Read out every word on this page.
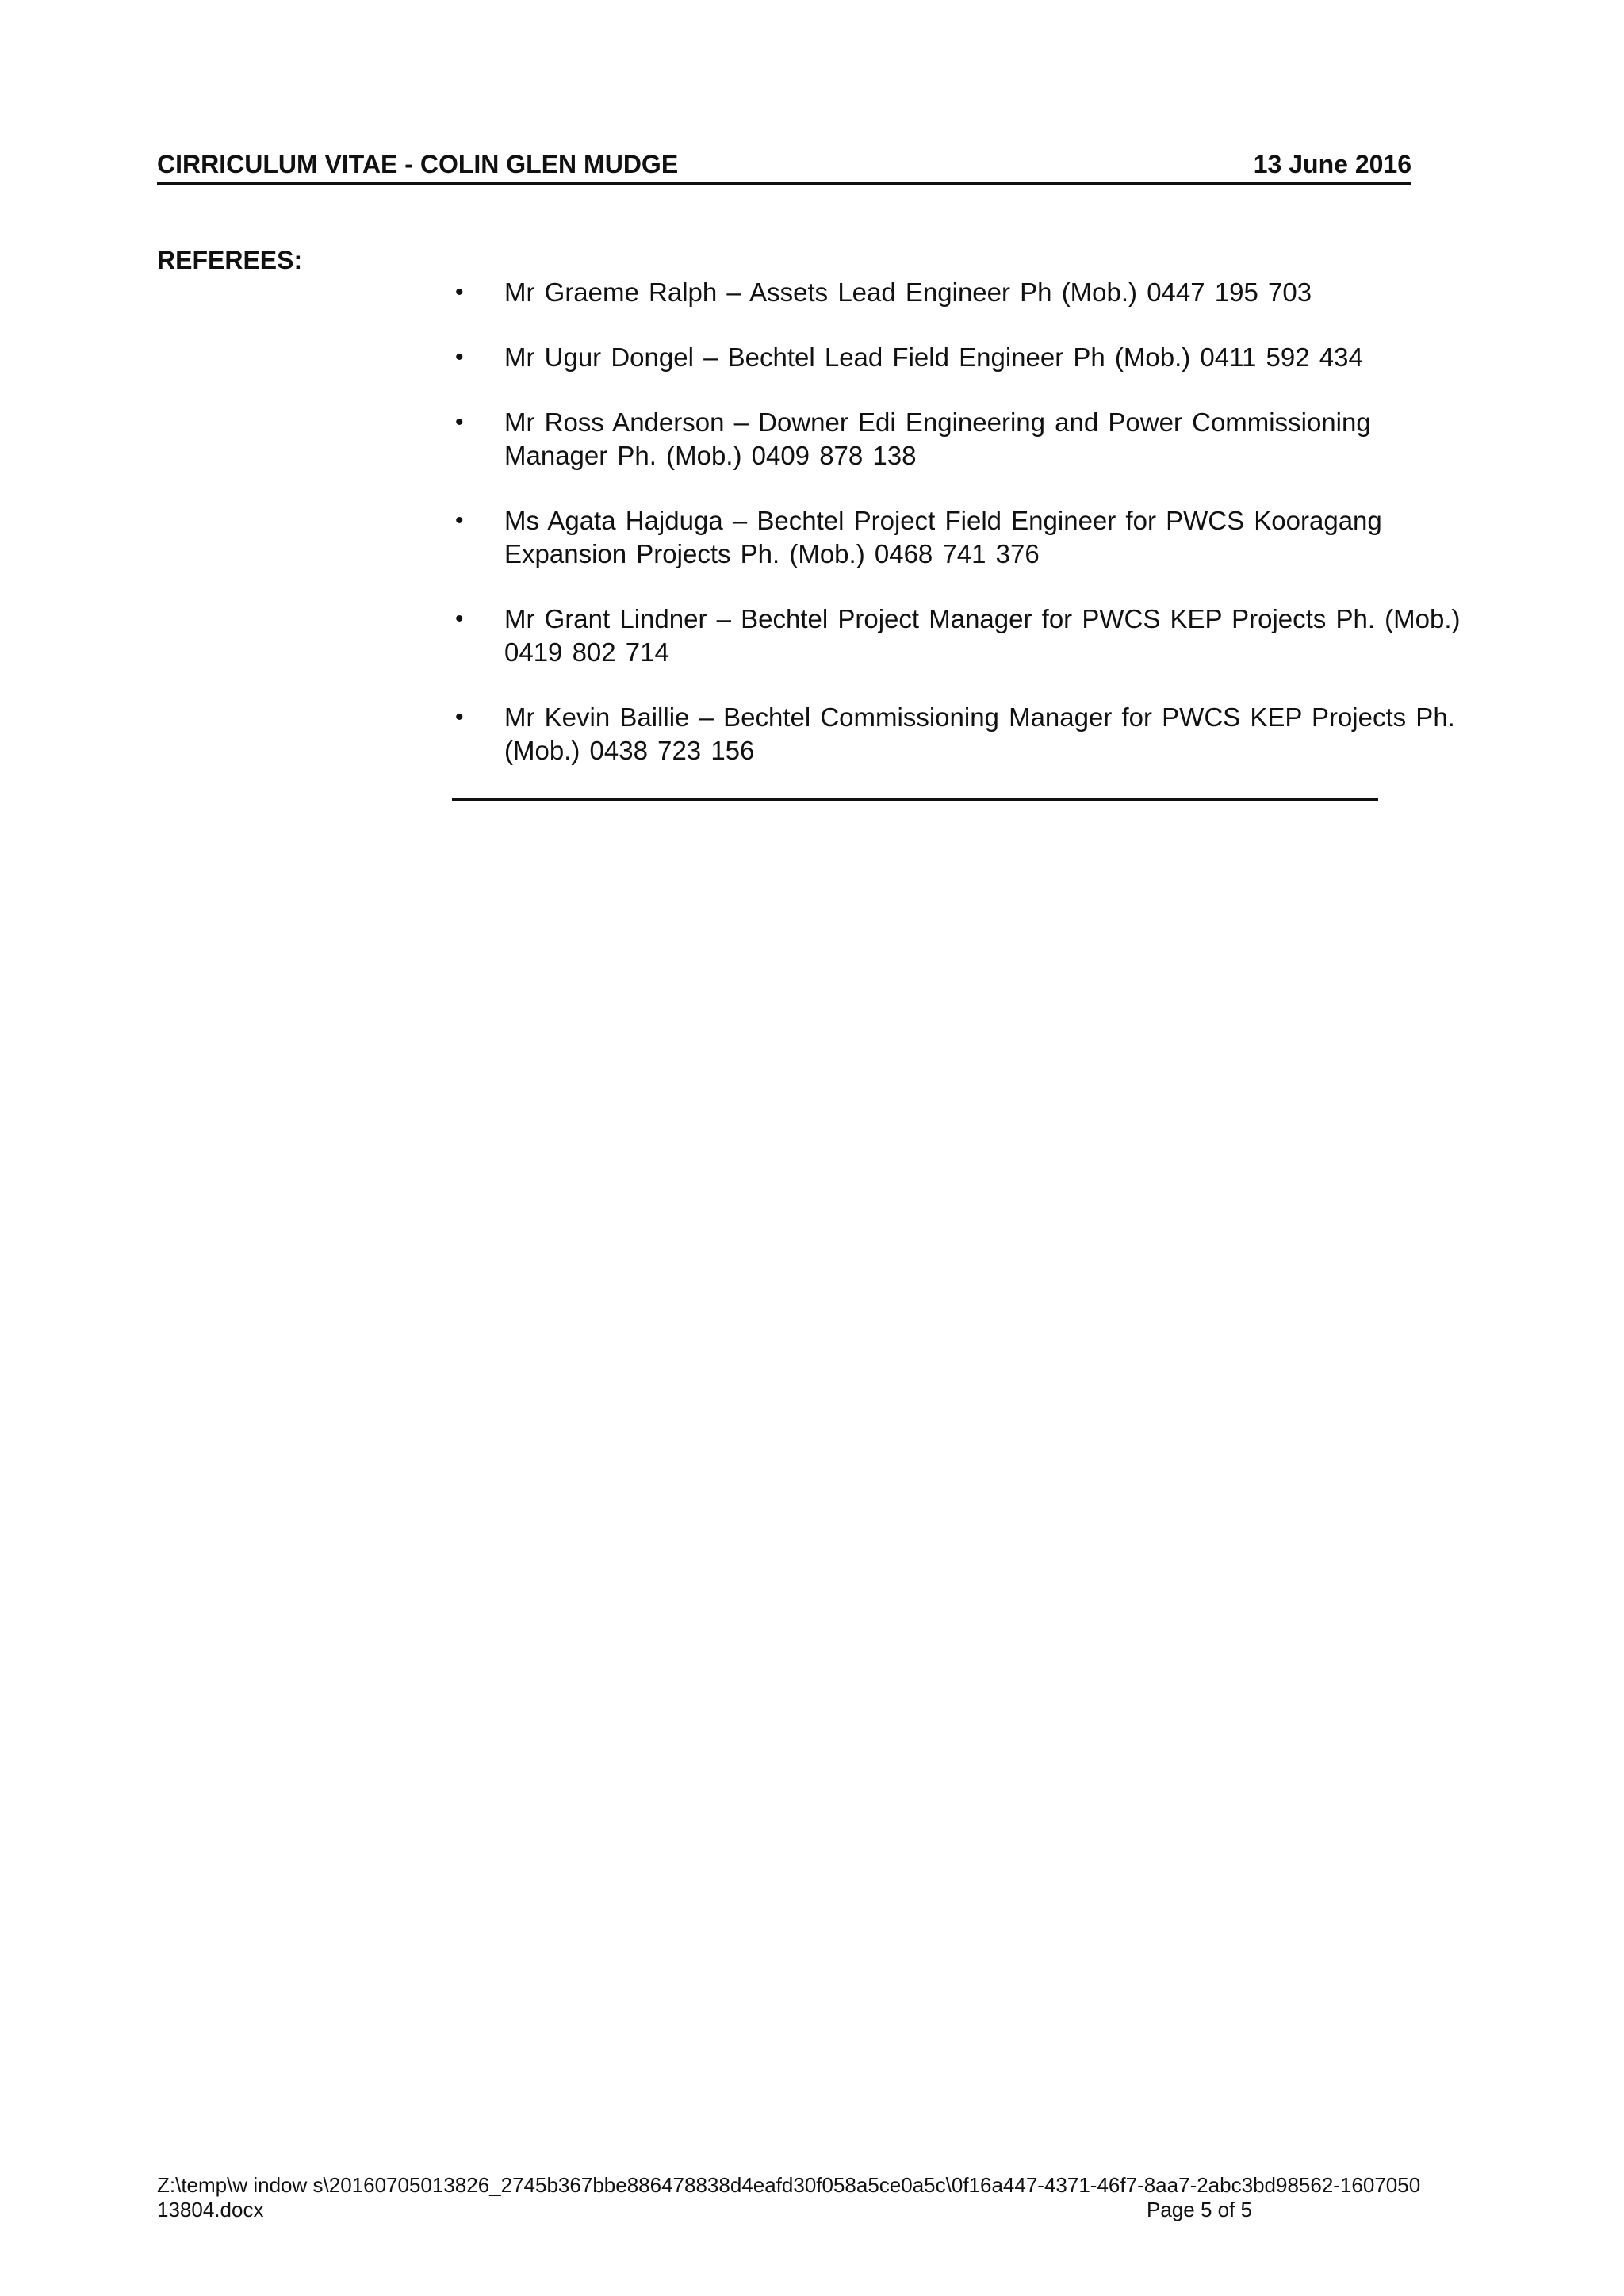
CIRRICULUM VITAE - COLIN GLEN MUDGE	13 June 2016
REFEREES:
• Mr Graeme Ralph – Assets Lead Engineer Ph (Mob.) 0447 195 703
• Mr Ugur Dongel – Bechtel Lead Field Engineer Ph (Mob.) 0411 592 434
• Mr Ross Anderson – Downer Edi Engineering and Power Commissioning Manager Ph. (Mob.) 0409 878 138
• Ms Agata Hajduga – Bechtel Project Field Engineer for PWCS Kooragang Expansion Projects Ph. (Mob.) 0468 741 376
• Mr Grant Lindner – Bechtel Project Manager for PWCS KEP Projects Ph. (Mob.) 0419 802 714
• Mr Kevin Baillie – Bechtel Commissioning Manager for PWCS KEP Projects Ph. (Mob.) 0438 723 156
Z:\temp\w indow s\20160705013826_2745b367bbe886478838d4eafd30f058a5ce0a5c\0f16a447-4371-46f7-8aa7-2abc3bd98562-160705013804.docx	Page 5 of 5
